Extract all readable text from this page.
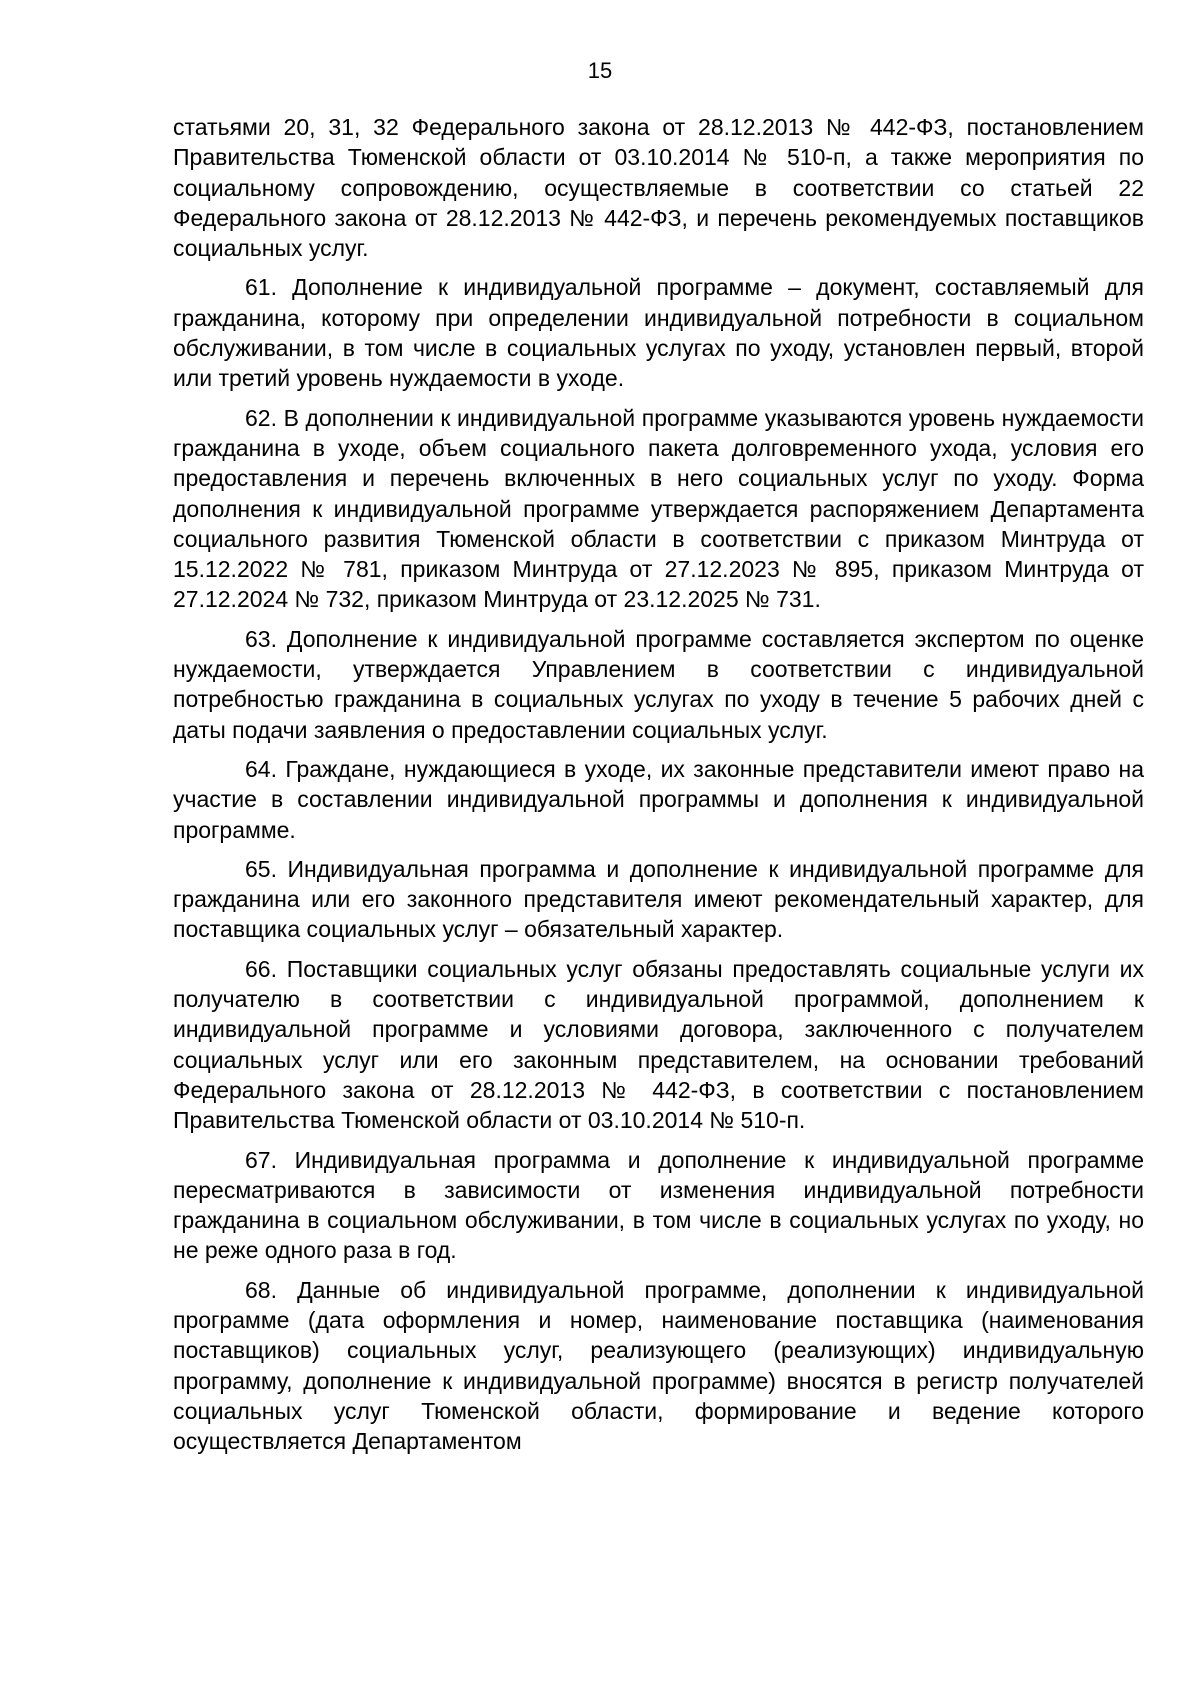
15

статьями 20, 31, 32 Федерального закона от 28.12.2013 № 442-ФЗ, постановлением Правительства Тюменской области от 03.10.2014 № 510-п, а также мероприятия по социальному сопровождению, осуществляемые в соответствии со статьей 22 Федерального закона от 28.12.2013 № 442-ФЗ, и перечень рекомендуемых поставщиков социальных услуг.

61. Дополнение к индивидуальной программе – документ, составляемый для гражданина, которому при определении индивидуальной потребности в социальном обслуживании, в том числе в социальных услугах по уходу, установлен первый, второй или третий уровень нуждаемости в уходе.

62. В дополнении к индивидуальной программе указываются уровень нуждаемости гражданина в уходе, объем социального пакета долговременного ухода, условия его предоставления и перечень включенных в него социальных услуг по уходу. Форма дополнения к индивидуальной программе утверждается распоряжением Департамента социального развития Тюменской области в соответствии с приказом Минтруда от 15.12.2022 № 781, приказом Минтруда от 27.12.2023 № 895, приказом Минтруда от 27.12.2024 № 732, приказом Минтруда от 23.12.2025 № 731.

63. Дополнение к индивидуальной программе составляется экспертом по оценке нуждаемости, утверждается Управлением в соответствии с индивидуальной потребностью гражданина в социальных услугах по уходу в течение 5 рабочих дней с даты подачи заявления о предоставлении социальных услуг.

64. Граждане, нуждающиеся в уходе, их законные представители имеют право на участие в составлении индивидуальной программы и дополнения к индивидуальной программе.

65. Индивидуальная программа и дополнение к индивидуальной программе для гражданина или его законного представителя имеют рекомендательный характер, для поставщика социальных услуг – обязательный характер.

66. Поставщики социальных услуг обязаны предоставлять социальные услуги их получателю в соответствии с индивидуальной программой, дополнением к индивидуальной программе и условиями договора, заключенного с получателем социальных услуг или его законным представителем, на основании требований Федерального закона от 28.12.2013 № 442-ФЗ, в соответствии с постановлением Правительства Тюменской области от 03.10.2014 № 510-п.

67. Индивидуальная программа и дополнение к индивидуальной программе пересматриваются в зависимости от изменения индивидуальной потребности гражданина в социальном обслуживании, в том числе в социальных услугах по уходу, но не реже одного раза в год.

68. Данные об индивидуальной программе, дополнении к индивидуальной программе (дата оформления и номер, наименование поставщика (наименования поставщиков) социальных услуг, реализующего (реализующих) индивидуальную программу, дополнение к индивидуальной программе) вносятся в регистр получателей социальных услуг Тюменской области, формирование и ведение которого осуществляется Департаментом
